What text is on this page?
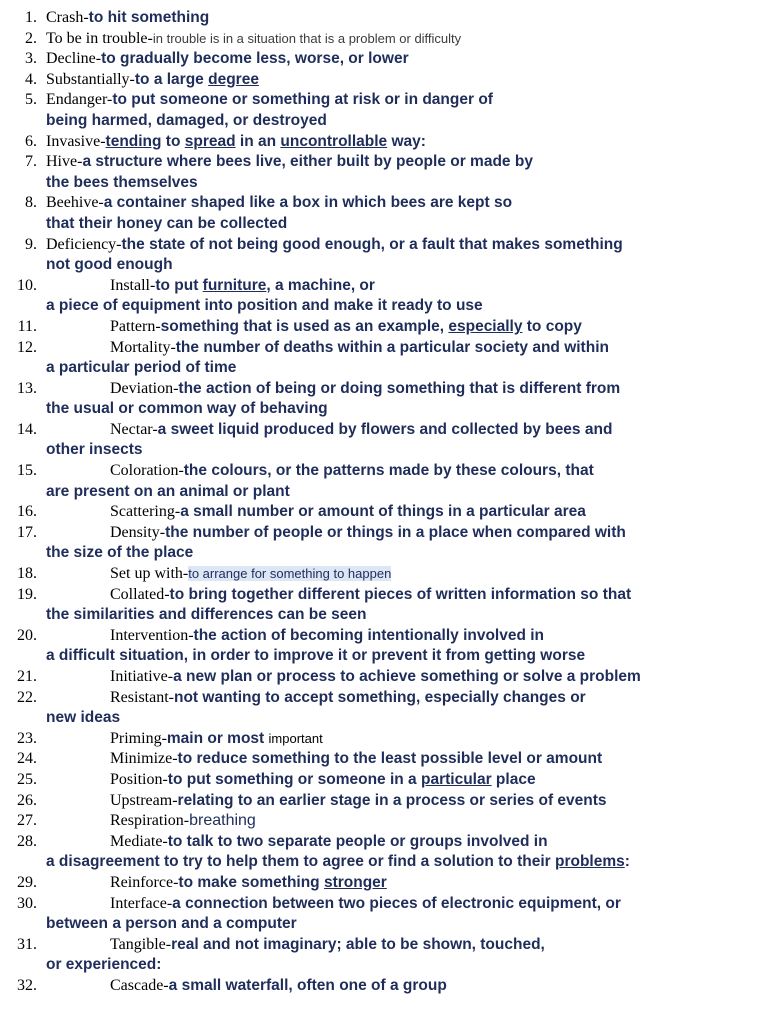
1. Crash- to hit something
2. To be in trouble- in trouble is in a situation that is a problem or difficulty
3. Decline- to gradually become less, worse, or lower
4. Substantially- to a large degree
5. Endanger- to put someone or something at risk or in danger of
being harmed, damaged, or destroyed
6. Invasive- tending to spread in an uncontrollable way:
7. Hive- a structure where bees live, either built by people or made by
the bees themselves
8. Beehive- a container shaped like a box in which bees are kept so
that their honey can be collected
9. Deficiency- the state of not being good enough, or a fault that makes something
not good enough
10.	Install- to put furniture, a machine, or
a piece of equipment into position and make it ready to use
11.	Pattern- something that is used as an example, especially to copy
12.	Mortality- the number of deaths within a particular society and within
a particular period of time
13.	Deviation- the action of being or doing something that is different from
the usual or common way of behaving
14.	Nectar- a sweet liquid produced by flowers and collected by bees and
other insects
15.	Coloration- the colours, or the patterns made by these colours, that
are present on an animal or plant
16.	Scattering- a small number or amount of things in a particular area
17.	Density- the number of people or things in a place when compared with
the size of the place
18.	Set up with- to arrange for something to happen
19.	Collated- to bring together different pieces of written information so that
the similarities and differences can be seen
20.	Intervention- the action of becoming intentionally involved in
a difficult situation, in order to improve it or prevent it from getting worse
21.	Initiative- a new plan or process to achieve something or solve a problem
22.	Resistant- not wanting to accept something, especially changes or
new ideas
23.	Priming- main or most important
24.	Minimize- to reduce something to the least possible level or amount
25.	Position- to put something or someone in a particular place
26.	Upstream- relating to an earlier stage in a process or series of events
27.	Respiration- breathing
28.	Mediate- to talk to two separate people or groups involved in
a disagreement to try to help them to agree or find a solution to their problems:
29.	Reinforce- to make something stronger
30.	Interface- a connection between two pieces of electronic equipment, or
between a person and a computer
31.	Tangible- real and not imaginary; able to be shown, touched,
or experienced:
32.	Cascade- a small waterfall, often one of a group
